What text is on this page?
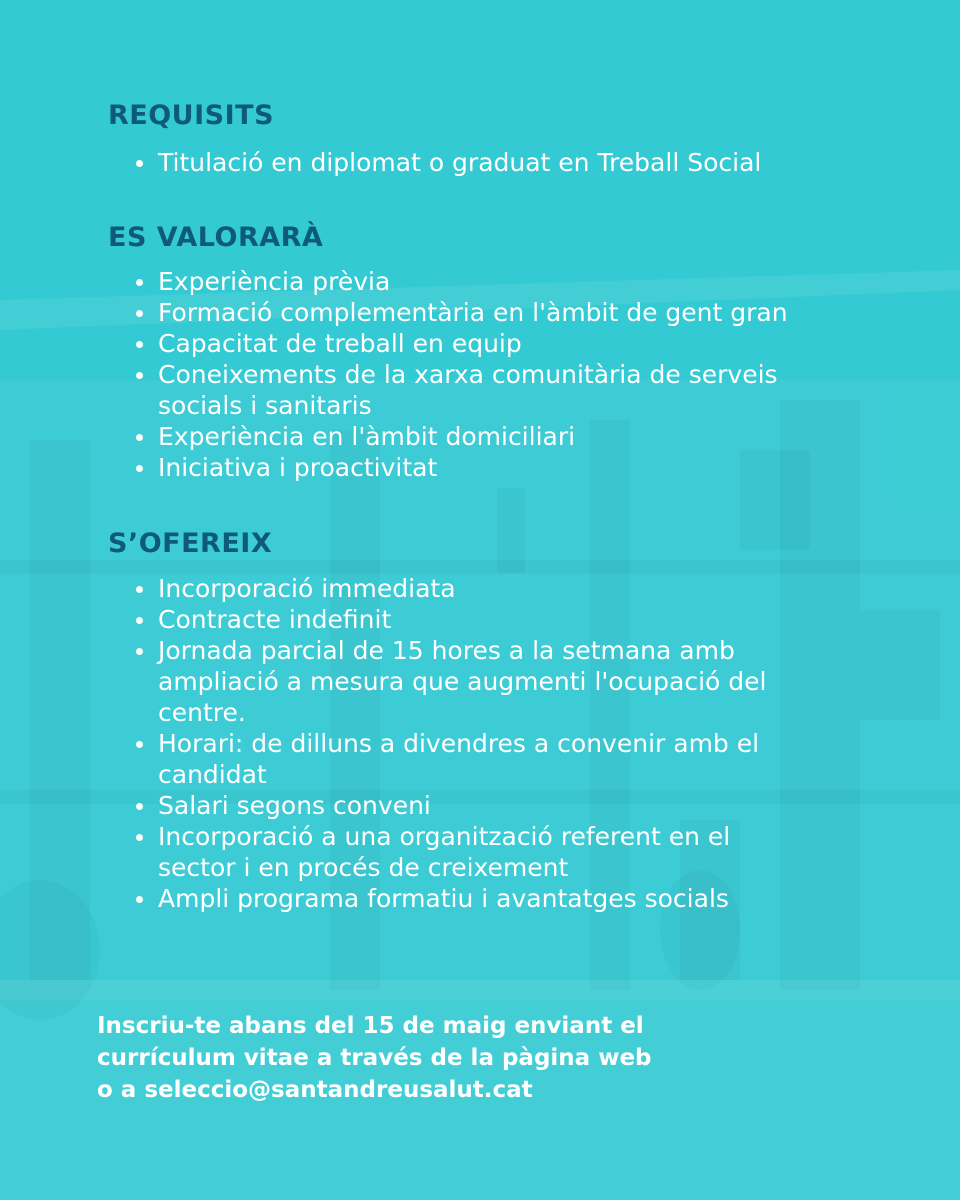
REQUISITS
Titulació en diplomat o graduat en Treball Social
ES VALORARÀ
Experiència prèvia
Formació complementària en l'àmbit de gent gran
Capacitat de treball en equip
Coneixements de la xarxa comunitària de serveis
socials i sanitaris
Experiència en l'àmbit domiciliari
Iniciativa i proactivitat
S’OFEREIX
Incorporació immediata
Contracte indefinit
Jornada parcial de 15 hores a la setmana amb
ampliació a mesura que augmenti l'ocupació del
centre.
Horari: de dilluns a divendres a convenir amb el
candidat
Salari segons conveni
Incorporació a una organització referent en el
sector i en procés de creixement
Ampli programa formatiu i avantatges socials

Inscriu-te abans del 15 de maig enviant el
currículum vitae a través de la pàgina web
o a seleccio@santandreusalut.cat
